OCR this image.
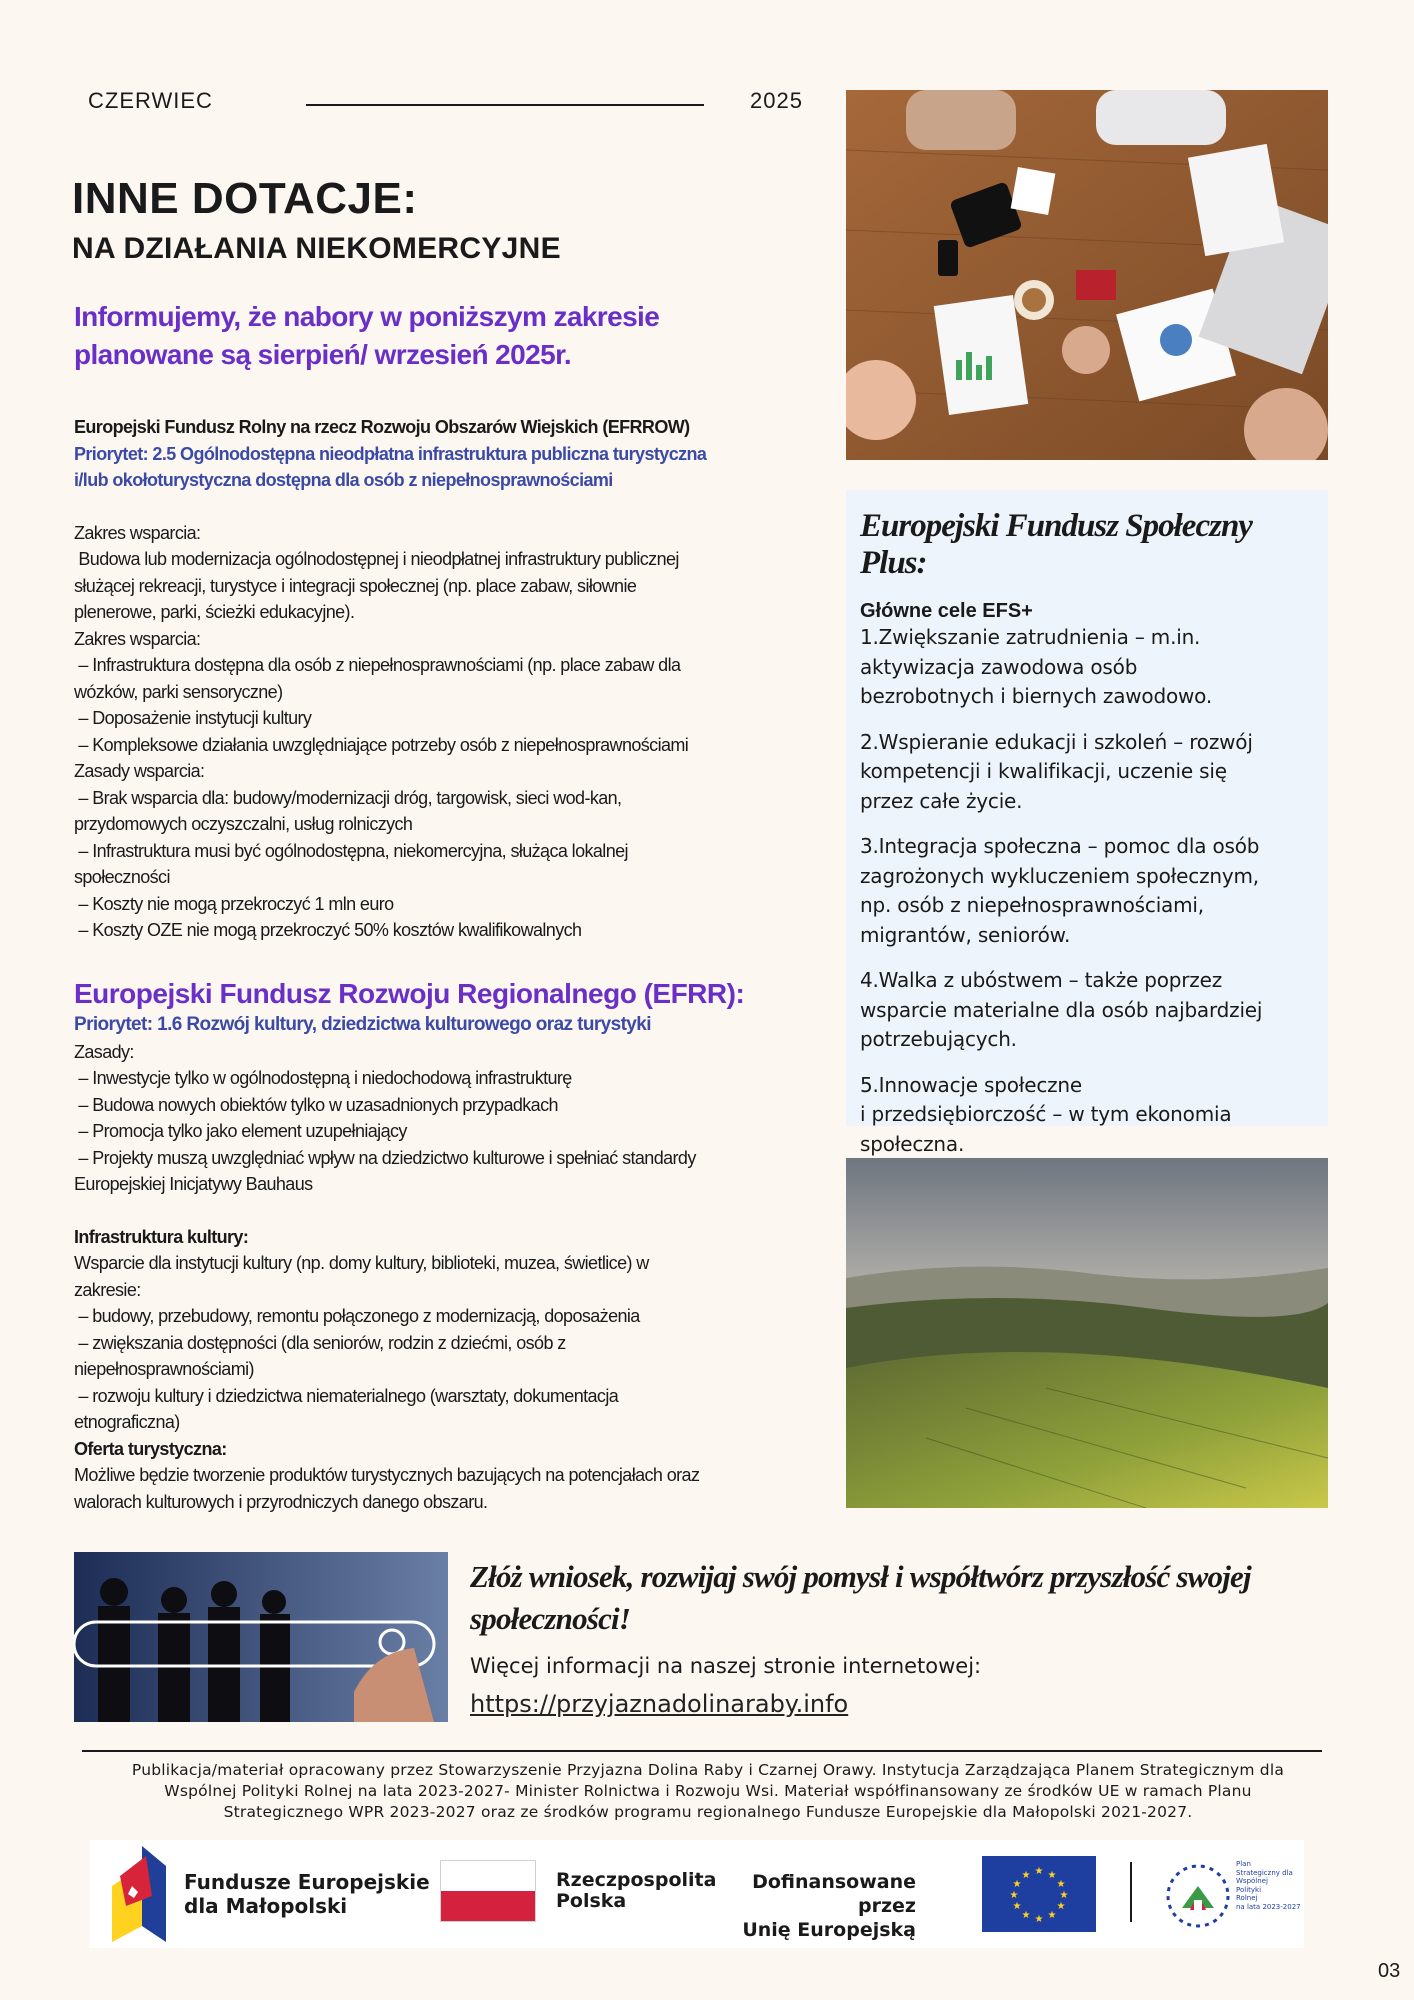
CZERWIEC	2025
INNE DOTACJE:
NA DZIAŁANIA NIEKOMERCYJNE
Informujemy, że nabory w poniższym zakresie
planowane są sierpień/ wrzesień 2025r.
Europejski Fundusz Rolny na rzecz Rozwoju Obszarów Wiejskich (EFRROW)
Priorytet: 2.5 Ogólnodostępna nieodpłatna infrastruktura publiczna turystyczna
i/lub okołoturystyczna dostępna dla osób z niepełnosprawnościami
Zakres wsparcia:
Budowa lub modernizacja ogólnodostępnej i nieodpłatnej infrastruktury publicznej
służącej rekreacji, turystyce i integracji społecznej (np. place zabaw, siłownie
plenerowe, parki, ścieżki edukacyjne).
Zakres wsparcia:
– Infrastruktura dostępna dla osób z niepełnosprawnościami (np. place zabaw dla
wózków, parki sensoryczne)
– Doposażenie instytucji kultury
– Kompleksowe działania uwzględniające potrzeby osób z niepełnosprawnościami
Zasady wsparcia:
– Brak wsparcia dla: budowy/modernizacji dróg, targowisk, sieci wod-kan,
przydomowych oczyszczalni, usług rolniczych
– Infrastruktura musi być ogólnodostępna, niekomercyjna, służąca lokalnej
społeczności
– Koszty nie mogą przekroczyć 1 mln euro
– Koszty OZE nie mogą przekroczyć 50% kosztów kwalifikowalnych
Europejski Fundusz Rozwoju Regionalnego (EFRR):
Priorytet: 1.6 Rozwój kultury, dziedzictwa kulturowego oraz turystyki
Zasady:
– Inwestycje tylko w ogólnodostępną i niedochodową infrastrukturę
– Budowa nowych obiektów tylko w uzasadnionych przypadkach
– Promocja tylko jako element uzupełniający
– Projekty muszą uwzględniać wpływ na dziedzictwo kulturowe i spełniać standardy
Europejskiej Inicjatywy Bauhaus
Infrastruktura kultury:
Wsparcie dla instytucji kultury (np. domy kultury, biblioteki, muzea, świetlice) w
zakresie:
– budowy, przebudowy, remontu połączonego z modernizacją, doposażenia
– zwiększania dostępności (dla seniorów, rodzin z dziećmi, osób z
niepełnosprawnościami)
– rozwoju kultury i dziedzictwa niematerialnego (warsztaty, dokumentacja
etnograficzna)
Oferta turystyczna:
Możliwe będzie tworzenie produktów turystycznych bazujących na potencjałach oraz
walorach kulturowych i przyrodniczych danego obszaru.
Europejski Fundusz Społeczny Plus:
Główne cele EFS+
1.Zwiększanie zatrudnienia – m.in.
aktywizacja zawodowa osób
bezrobotnych i biernych zawodowo.
2.Wspieranie edukacji i szkoleń – rozwój
kompetencji i kwalifikacji, uczenie się
przez całe życie.
3.Integracja społeczna – pomoc dla osób
zagrożonych wykluczeniem społecznym,
np. osób z niepełnosprawnościami,
migrantów, seniorów.
4.Walka z ubóstwem – także poprzez
wsparcie materialne dla osób najbardziej
potrzebujących.
5.Innowacje społeczne
i przedsiębiorczość – w tym ekonomia
społeczna.
Złóż wniosek, rozwijaj swój pomysł i współtwórz przyszłość swojej
społeczności!
Więcej informacji na naszej stronie internetowej:
https://przyjaznadolinaraby.info
Publikacja/materiał opracowany przez Stowarzyszenie Przyjazna Dolina Raby i Czarnej Orawy. Instytucja Zarządzająca Planem Strategicznym dla
Wspólnej Polityki Rolnej na lata 2023-2027- Minister Rolnictwa i Rozwoju Wsi. Materiał współfinansowany ze środków UE w ramach Planu
Strategicznego WPR 2023-2027 oraz ze środków programu regionalnego Fundusze Europejskie dla Małopolski 2021-2027.
Fundusze Europejskie
dla Małopolski
Rzeczpospolita
Polska
Dofinansowane przez
Unię Europejską
★ ★
★
★
★
★
★
★
★
★
★
★
Plan
Strategiczny dla
Wspólnej
Polityki
Rolnej
na lata 2023-2027
03
